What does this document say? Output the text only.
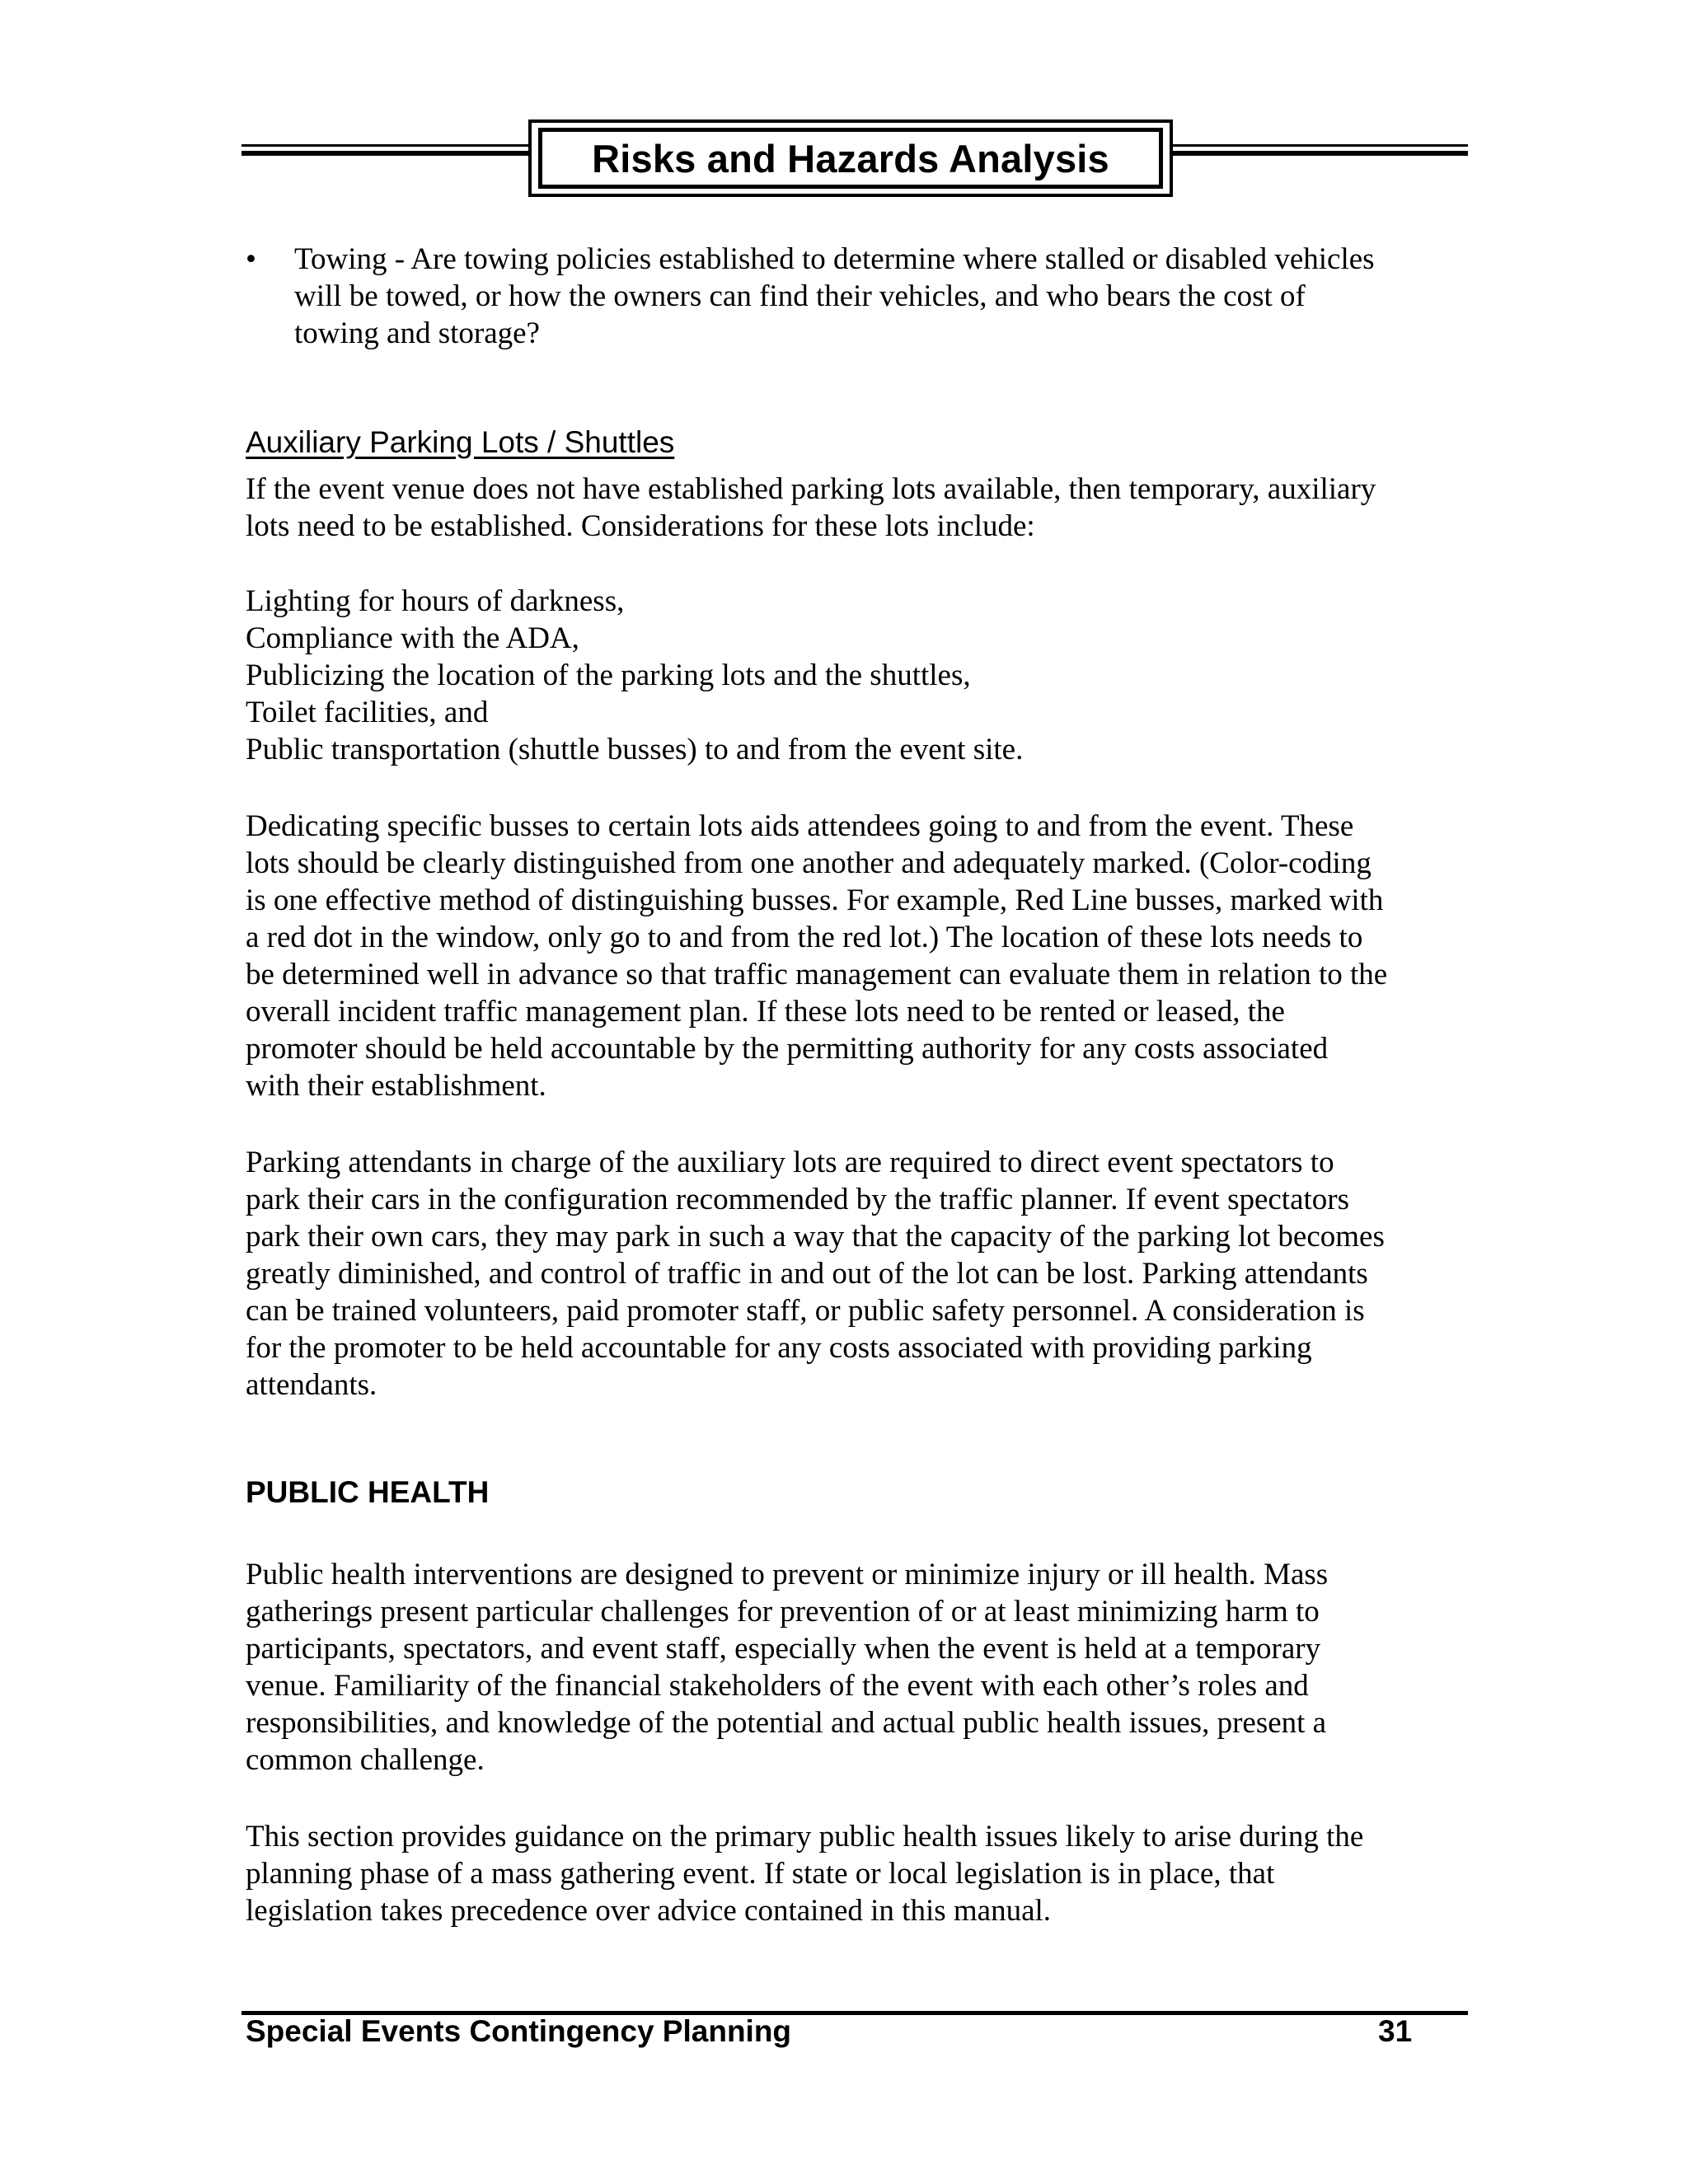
Risks and Hazards Analysis
• Towing - Are towing policies established to determine where stalled or disabled vehicles
will be towed, or how the owners can find their vehicles, and who bears the cost of
towing and storage?
Auxiliary Parking Lots / Shuttles
If the event venue does not have established parking lots available, then temporary, auxiliary
lots need to be established. Considerations for these lots include:
Lighting for hours of darkness,
Compliance with the ADA,
Publicizing the location of the parking lots and the shuttles,
Toilet facilities, and
Public transportation (shuttle busses) to and from the event site.
Dedicating specific busses to certain lots aids attendees going to and from the event. These
lots should be clearly distinguished from one another and adequately marked. (Color-coding
is one effective method of distinguishing busses. For example, Red Line busses, marked with
a red dot in the window, only go to and from the red lot.) The location of these lots needs to
be determined well in advance so that traffic management can evaluate them in relation to the
overall incident traffic management plan. If these lots need to be rented or leased, the
promoter should be held accountable by the permitting authority for any costs associated
with their establishment.
Parking attendants in charge of the auxiliary lots are required to direct event spectators to
park their cars in the configuration recommended by the traffic planner. If event spectators
park their own cars, they may park in such a way that the capacity of the parking lot becomes
greatly diminished, and control of traffic in and out of the lot can be lost. Parking attendants
can be trained volunteers, paid promoter staff, or public safety personnel. A consideration is
for the promoter to be held accountable for any costs associated with providing parking
attendants.
PUBLIC HEALTH
Public health interventions are designed to prevent or minimize injury or ill health. Mass
gatherings present particular challenges for prevention of or at least minimizing harm to
participants, spectators, and event staff, especially when the event is held at a temporary
venue. Familiarity of the financial stakeholders of the event with each other’s roles and
responsibilities, and knowledge of the potential and actual public health issues, present a
common challenge.
This section provides guidance on the primary public health issues likely to arise during the
planning phase of a mass gathering event. If state or local legislation is in place, that
legislation takes precedence over advice contained in this manual.
Special Events Contingency Planning	31
